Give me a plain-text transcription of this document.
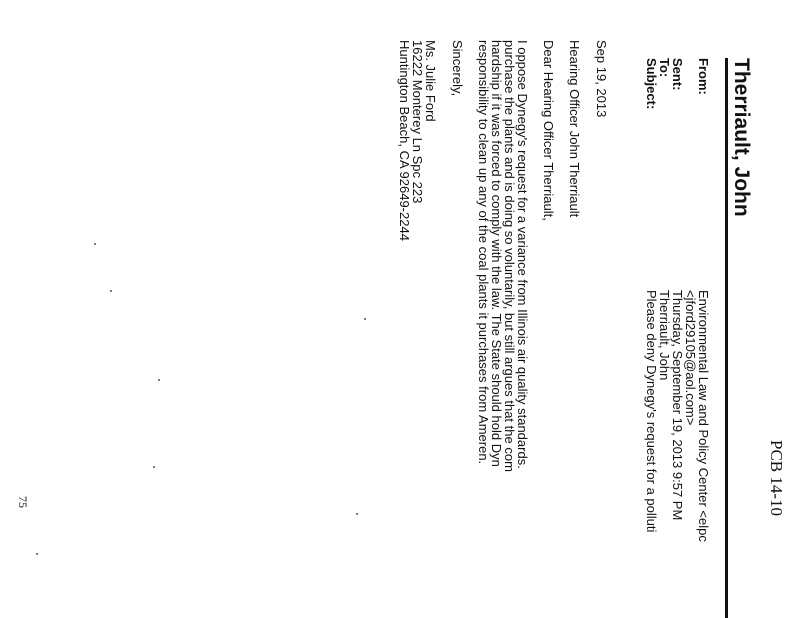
PCB 14-10
Therriault, John
From:
Environmental Law and Policy Center <elpc
<jford29105@aol.com>
Sent:
Thursday, September 19, 2013 9:57 PM
To:
Therriault, John
Subject:
Please deny Dynegy's request for a polluti
Sep 19, 2013
Hearing Officer John Therriault
Dear Hearing Officer Therriault,
I oppose Dynegy's request for a variance from Illinois air quality standards.
purchase the plants and is doing so voluntarily, but still argues that the com
hardship if it was forced to comply with the law. The State should hold Dyn
responsibility to clean up any of the coal plants it purchases from Ameren.
Sincerely,
Ms. Julie Ford
16222 Monterey Ln Spc 223
Huntington Beach, CA 92649-2244
75
